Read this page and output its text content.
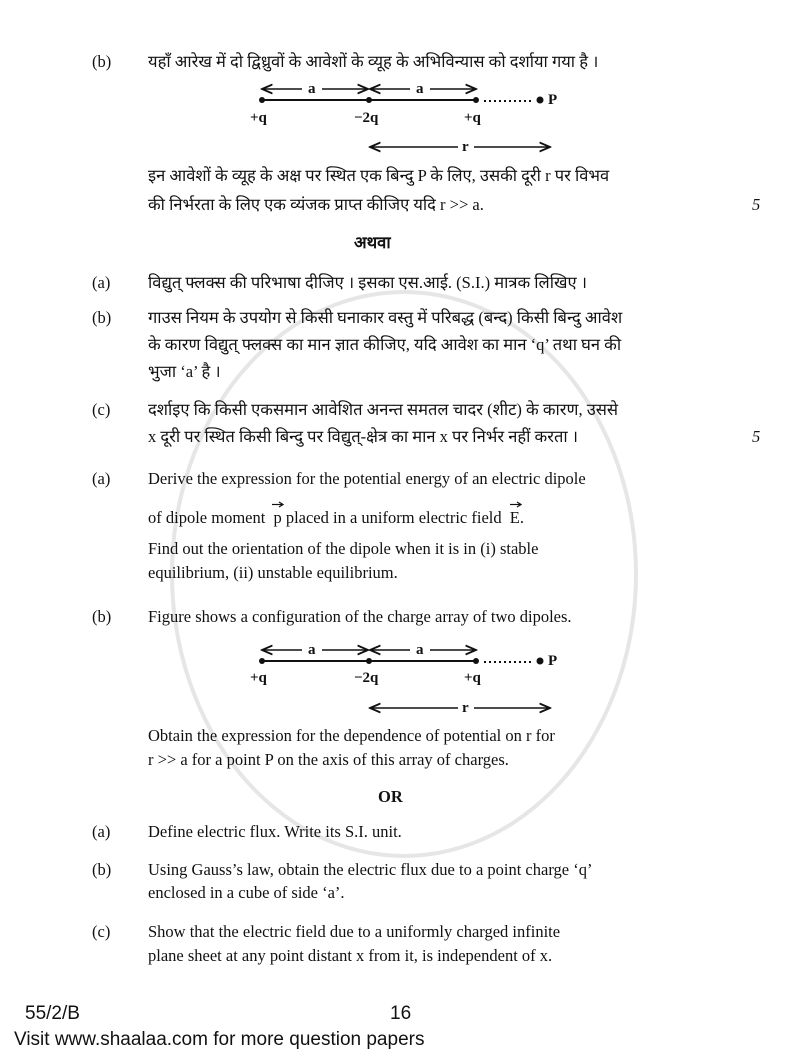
(b) यहाँ आरेख में दो द्विध्रुवों के आवेशों के व्यूह के अभिविन्यास को दर्शाया गया है ।
a	a
P
+q	−2q	+q
r
इन आवेशों के व्यूह के अक्ष पर स्थित एक बिन्दु P के लिए, उसकी दूरी r पर विभव
की निर्भरता के लिए एक व्यंजक प्राप्त कीजिए यदि r >> a.	5
अथवा
(a) विद्युत् फ्लक्स की परिभाषा दीजिए । इसका एस.आई. (S.I.) मात्रक लिखिए ।
(b) गाउस नियम के उपयोग से किसी घनाकार वस्तु में परिबद्ध (बन्द) किसी बिन्दु आवेश
के कारण विद्युत् फ्लक्स का मान ज्ञात कीजिए, यदि आवेश का मान ‘q’ तथा घन की
भुजा ‘a’ है ।
(c) दर्शाइए कि किसी एकसमान आवेशित अनन्त समतल चादर (शीट) के कारण, उससे
x दूरी पर स्थित किसी बिन्दु पर विद्युत्-क्षेत्र का मान x पर निर्भर नहीं करता ।	5
(a) Derive the expression for the potential energy of an electric dipole
of dipole moment p placed in a uniform electric field E.
Find out the orientation of the dipole when it is in (i) stable
equilibrium, (ii) unstable equilibrium.
(b) Figure shows a configuration of the charge array of two dipoles.
a	a
P
+q	−2q	+q
r
Obtain the expression for the dependence of potential on r for
r >> a for a point P on the axis of this array of charges.
OR
(a) Define electric flux. Write its S.I. unit.
(b) Using Gauss’s law, obtain the electric flux due to a point charge ‘q’
enclosed in a cube of side ‘a’.
(c) Show that the electric field due to a uniformly charged infinite
plane sheet at any point distant x from it, is independent of x.
55/2/B	16
Visit www.shaalaa.com for more question papers
